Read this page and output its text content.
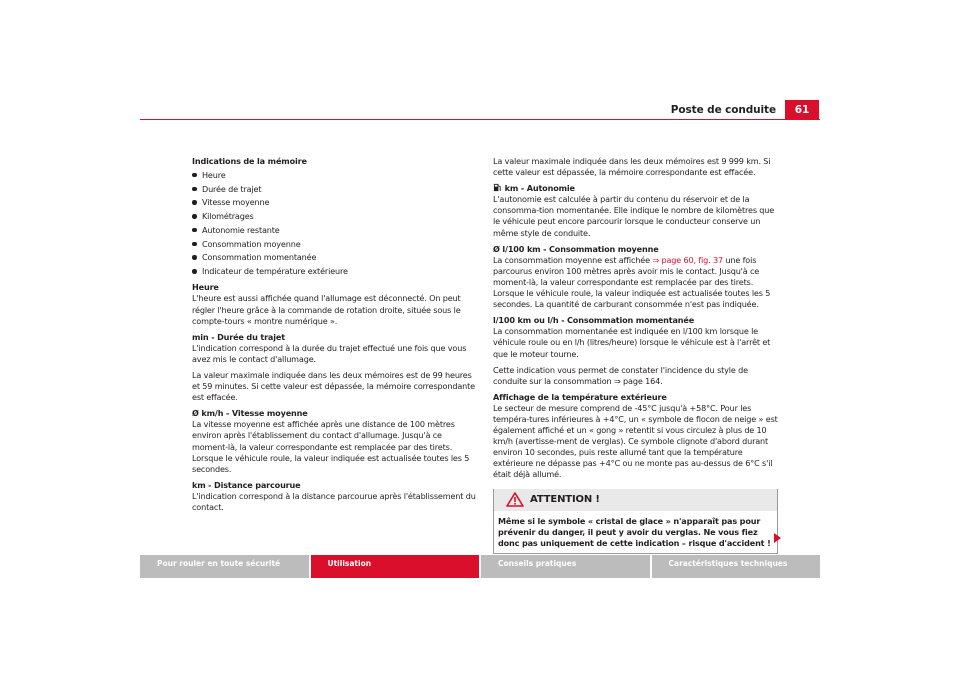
Poste de conduite	61

Indications de la mémoire

Heure
Durée de trajet
Vitesse moyenne
Kilométrages
Autonomie restante
Consommation moyenne
Consommation momentanée
Indicateur de température extérieure

Heure

L'heure est aussi affichée quand l'allumage est déconnecté. On peut régler l'heure grâce à la commande de rotation droite, située sous le compte-tours « montre numérique ».

min - Durée du trajet

L'indication correspond à la durée du trajet effectué une fois que vous avez mis le contact d'allumage.

La valeur maximale indiquée dans les deux mémoires est de 99 heures et 59 minutes. Si cette valeur est dépassée, la mémoire correspondante est effacée.

Ø km/h - Vitesse moyenne

La vitesse moyenne est affichée après une distance de 100 mètres environ après l'établissement du contact d'allumage. Jusqu'à ce moment-là, la valeur correspondante est remplacée par des tirets. Lorsque le véhicule roule, la valeur indiquée est actualisée toutes les 5 secondes.

km - Distance parcourue

L'indication correspond à la distance parcourue après l'établissement du contact.

La valeur maximale indiquée dans les deux mémoires est 9 999 km. Si cette valeur est dépassée, la mémoire correspondante est effacée.

km - Autonomie

L'autonomie est calculée à partir du contenu du réservoir et de la consomma-tion momentanée. Elle indique le nombre de kilomètres que le véhicule peut encore parcourir lorsque le conducteur conserve un même style de conduite.

Ø l/100 km - Consommation moyenne

La consommation moyenne est affichée ⇒ page 60, fig. 37 une fois parcourus environ 100 mètres après avoir mis le contact. Jusqu'à ce moment-là, la valeur correspondante est remplacée par des tirets. Lorsque le véhicule roule, la valeur indiquée est actualisée toutes les 5 secondes. La quantité de carburant consommée n'est pas indiquée.

l/100 km ou l/h - Consommation momentanée

La consommation momentanée est indiquée en l/100 km lorsque le véhicule roule ou en l/h (litres/heure) lorsque le véhicule est à l'arrêt et que le moteur tourne.

Cette indication vous permet de constater l'incidence du style de conduite sur la consommation ⇒ page 164.

Affichage de la température extérieure

Le secteur de mesure comprend de -45°C jusqu'à +58°C. Pour les tempéra-tures inférieures à +4°C, un « symbole de flocon de neige » est également affiché et un « gong » retentit si vous circulez à plus de 10 km/h (avertisse-ment de verglas). Ce symbole clignote d'abord durant environ 10 secondes, puis reste allumé tant que la température extérieure ne dépasse pas +4°C ou ne monte pas au-dessus de 6°C s'il était déjà allumé.

ATTENTION !
Même si le symbole « cristal de glace » n'apparaît pas pour prévenir du danger, il peut y avoir du verglas. Ne vous fiez donc pas uniquement de cette indication – risque d'accident !
Pour rouler en toute sécurité	Utilisation	Conseils pratiques	Caractéristiques techniques
